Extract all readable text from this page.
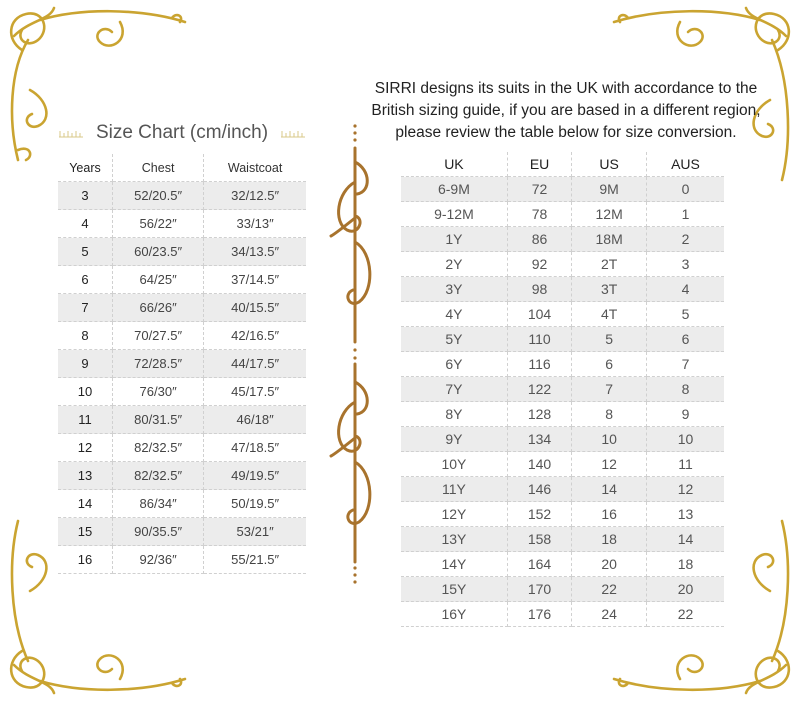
Size Chart (cm/inch)
Years	Chest	Waistcoat
3	52/20.5″	32/12.5″
4	56/22″	33/13″
5	60/23.5″	34/13.5″
6	64/25″	37/14.5″
7	66/26″	40/15.5″
8	70/27.5″	42/16.5″
9	72/28.5″	44/17.5″
10	76/30″	45/17.5″
11	80/31.5″	46/18″
12	82/32.5″	47/18.5″
13	82/32.5″	49/19.5″
14	86/34″	50/19.5″
15	90/35.5″	53/21″
16	92/36″	55/21.5″
SIRRI designs its suits in the UK with accordance to the
British sizing guide, if you are based in a different region,
please review the table below for size conversion.
UK	EU	US	AUS
6-9M	72	9M	0
9-12M	78	12M	1
1Y	86	18M	2
2Y	92	2T	3
3Y	98	3T	4
4Y	104	4T	5
5Y	110	5	6
6Y	116	6	7
7Y	122	7	8
8Y	128	8	9
9Y	134	10	10
10Y	140	12	11
11Y	146	14	12
12Y	152	16	13
13Y	158	18	14
14Y	164	20	18
15Y	170	22	20
16Y	176	24	22
